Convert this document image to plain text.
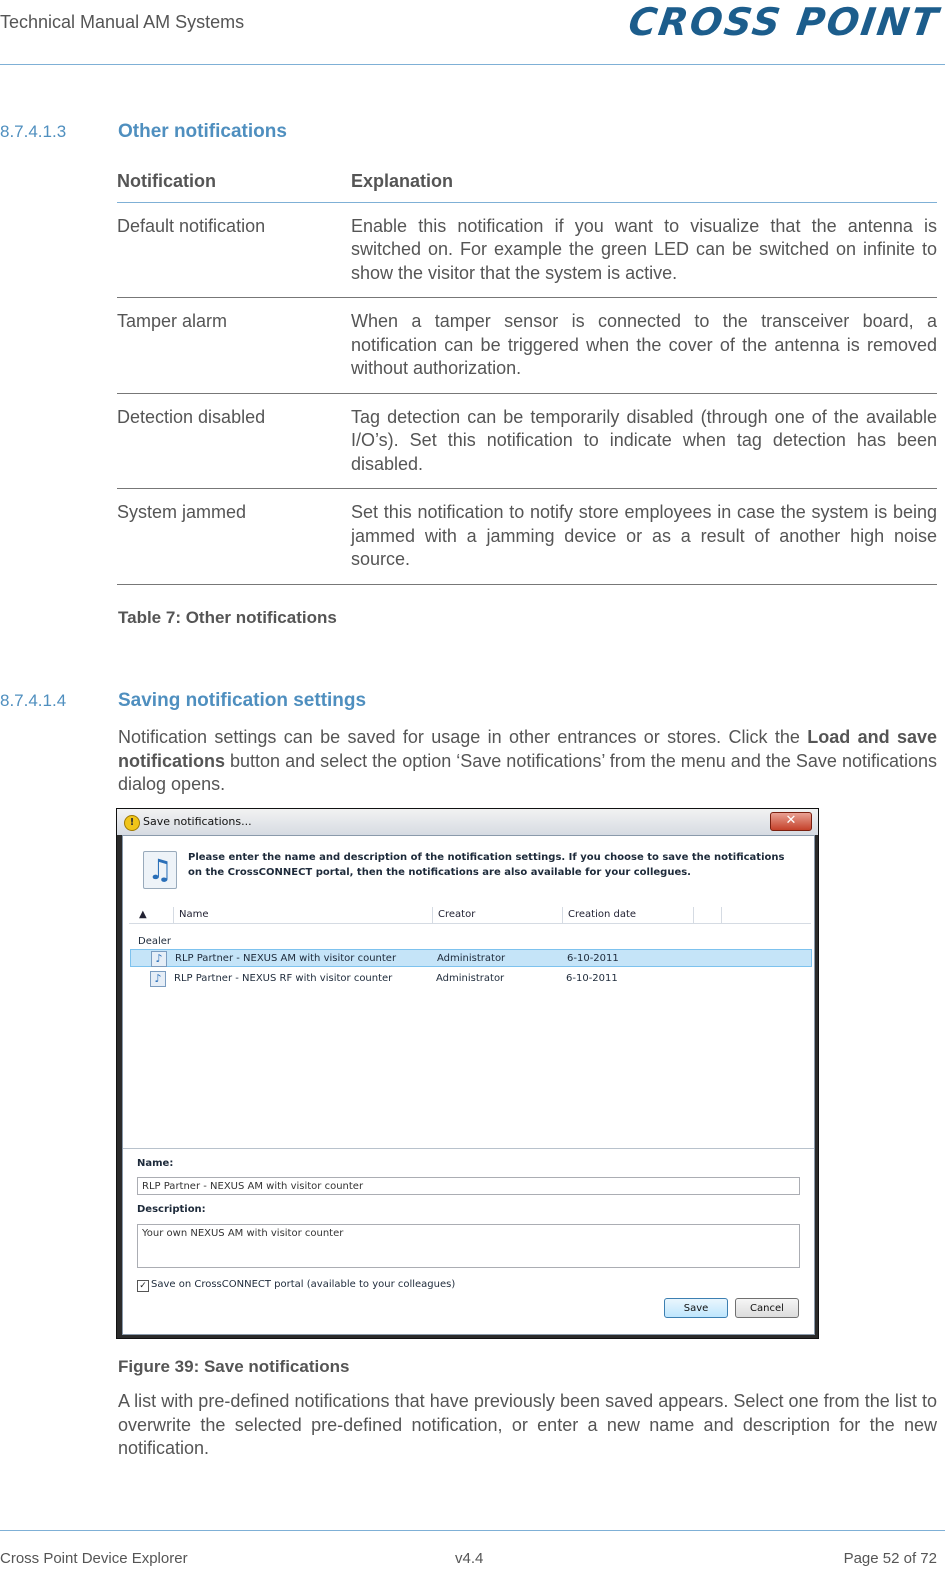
Technical Manual AM Systems	CROSS POINT
8.7.4.1.3	Other notifications
Notification	Explanation
Default notification	Enable this notification if you want to visualize that the antenna is switched on. For example the green LED can be switched on infinite to show the visitor that the system is active.
Tamper alarm	When a tamper sensor is connected to the transceiver board, a notification can be triggered when the cover of the antenna is removed without authorization.
Detection disabled	Tag detection can be temporarily disabled (through one of the available I/O’s). Set this notification to indicate when tag detection has been disabled.
System jammed	Set this notification to notify store employees in case the system is being jammed with a jamming device or as a result of another high noise source.
Table 7: Other notifications
8.7.4.1.4	Saving notification settings
Notification settings can be saved for usage in other entrances or stores. Click the Load and save notifications button and select the option ‘Save notifications’ from the menu and the Save notifications dialog opens.
! Save notifications...	✕
♫	Please enter the name and description of the notification settings. If you choose to save the notifications on the CrossCONNECT portal, then the notifications are also available for your collegues.
▲	Name	Creator	Creation date
Dealer
♪	RLP Partner - NEXUS AM with visitor counter	Administrator	6-10-2011
♪	RLP Partner - NEXUS RF with visitor counter	Administrator	6-10-2011
Name:
RLP Partner - NEXUS AM with visitor counter
Description:
Your own NEXUS AM with visitor counter
✓ Save on CrossCONNECT portal (available to your colleagues)
Save	Cancel
Figure 39: Save notifications
A list with pre-defined notifications that have previously been saved appears. Select one from the list to overwrite the selected pre-defined notification, or enter a new name and description for the new notification.
Cross Point Device Explorer	v4.4	Page 52 of 72
